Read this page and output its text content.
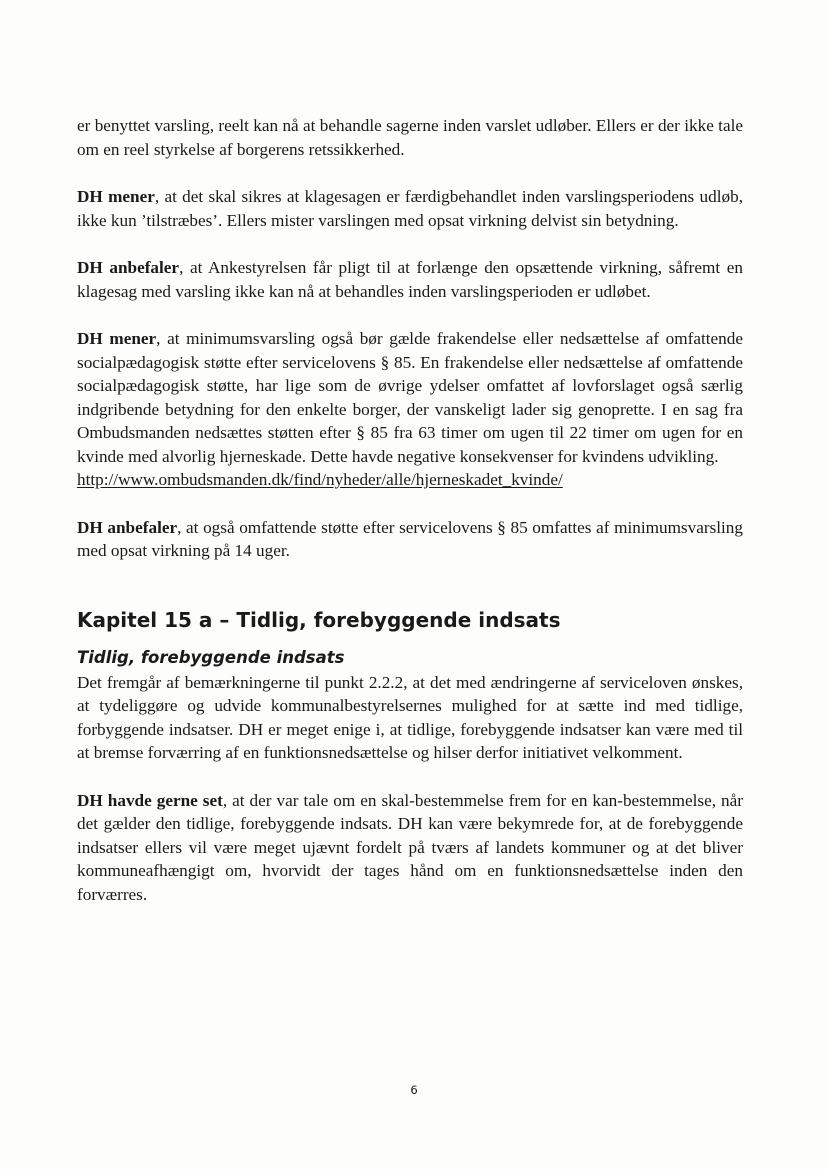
er benyttet varsling, reelt kan nå at behandle sagerne inden varslet udløber. Ellers er der ikke tale om en reel styrkelse af borgerens retssikkerhed.

DH mener, at det skal sikres at klagesagen er færdigbehandlet inden varslingsperiodens udløb, ikke kun ’tilstræbes’. Ellers mister varslingen med opsat virkning delvist sin betydning.

DH anbefaler, at Ankestyrelsen får pligt til at forlænge den opsættende virkning, såfremt en klagesag med varsling ikke kan nå at behandles inden varslingsperioden er udløbet.

DH mener, at minimumsvarsling også bør gælde frakendelse eller nedsættelse af omfattende socialpædagogisk støtte efter servicelovens § 85. En frakendelse eller nedsættelse af omfattende socialpædagogisk støtte, har lige som de øvrige ydelser omfattet af lovforslaget også særlig indgribende betydning for den enkelte borger, der vanskeligt lader sig genoprette. I en sag fra Ombudsmanden nedsættes støtten efter § 85 fra 63 timer om ugen til 22 timer om ugen for en kvinde med alvorlig hjerneskade. Dette havde negative konsekvenser for kvindens udvikling.
http://www.ombudsmanden.dk/find/nyheder/alle/hjerneskadet_kvinde/

DH anbefaler, at også omfattende støtte efter servicelovens § 85 omfattes af minimumsvarsling med opsat virkning på 14 uger.

Kapitel 15 a – Tidlig, forebyggende indsats
Tidlig, forebyggende indsats

Det fremgår af bemærkningerne til punkt 2.2.2, at det med ændringerne af serviceloven ønskes, at tydeliggøre og udvide kommunalbestyrelsernes mulighed for at sætte ind med tidlige, forbyggende indsatser. DH er meget enige i, at tidlige, forebyggende indsatser kan være med til at bremse forværring af en funktionsnedsættelse og hilser derfor initiativet velkomment.

DH havde gerne set, at der var tale om en skal-bestemmelse frem for en kan-bestemmelse, når det gælder den tidlige, forebyggende indsats. DH kan være bekymrede for, at de forebyggende indsatser ellers vil være meget ujævnt fordelt på tværs af landets kommuner og at det bliver kommuneafhængigt om, hvorvidt der tages hånd om en funktionsnedsættelse inden den forværres.

6
